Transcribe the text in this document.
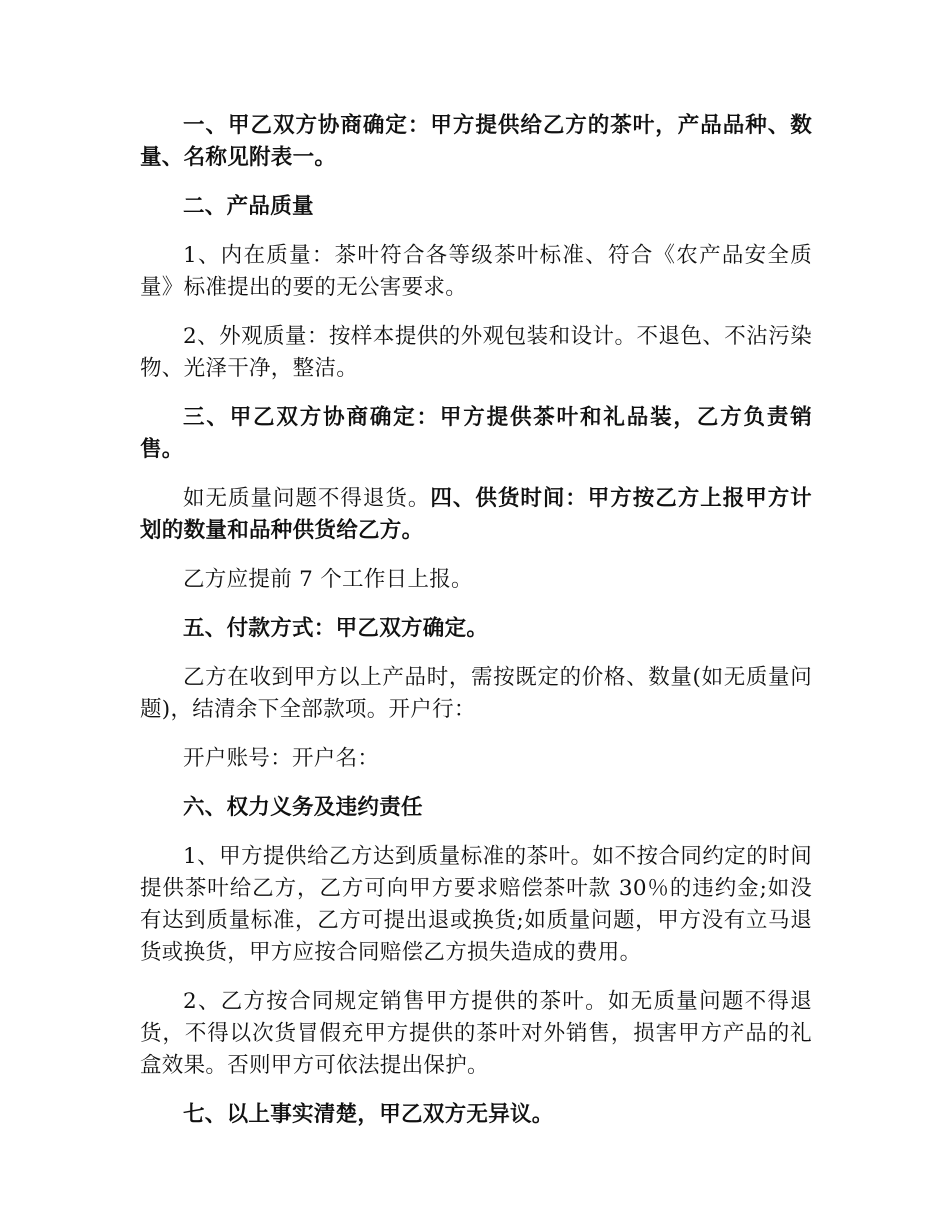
一、甲乙双方协商确定：甲方提供给乙方的茶叶，产品品种、数量、名称见附表一。

二、产品质量

1、内在质量：茶叶符合各等级茶叶标准、符合《农产品安全质量》标准提出的要的无公害要求。

2、外观质量：按样本提供的外观包装和设计。不退色、不沾污染物、光泽干净，整洁。

三、甲乙双方协商确定：甲方提供茶叶和礼品装，乙方负责销售。

如无质量问题不得退货。四、供货时间：甲方按乙方上报甲方计划的数量和品种供货给乙方。

乙方应提前 7 个工作日上报。

五、付款方式：甲乙双方确定。

乙方在收到甲方以上产品时，需按既定的价格、数量(如无质量问题)，结清余下全部款项。开户行：

开户账号：开户名：

六、权力义务及违约责任

1、甲方提供给乙方达到质量标准的茶叶。如不按合同约定的时间提供茶叶给乙方，乙方可向甲方要求赔偿茶叶款 30％的违约金;如没有达到质量标准，乙方可提出退或换货;如质量问题，甲方没有立马退货或换货，甲方应按合同赔偿乙方损失造成的费用。

2、乙方按合同规定销售甲方提供的茶叶。如无质量问题不得退货，不得以次货冒假充甲方提供的茶叶对外销售，损害甲方产品的礼盒效果。否则甲方可依法提出保护。

七、以上事实清楚，甲乙双方无异议。
